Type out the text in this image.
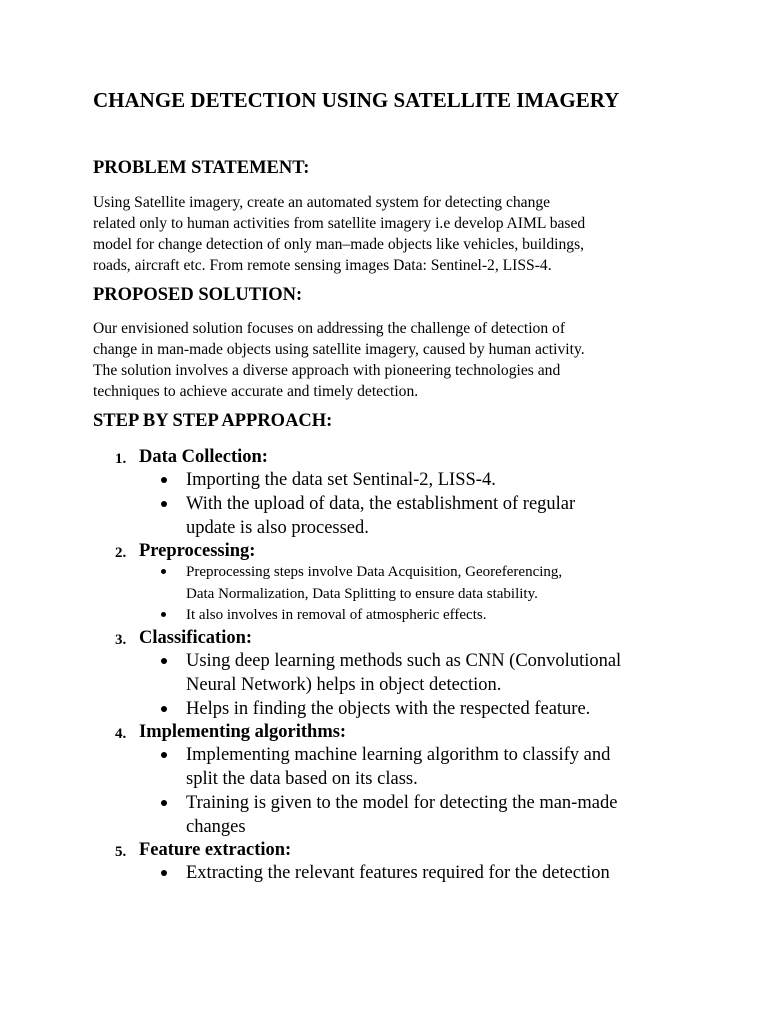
CHANGE DETECTION USING SATELLITE IMAGERY
PROBLEM STATEMENT:

Using Satellite imagery, create an automated system for detecting change
related only to human activities from satellite imagery i.e develop AIML based
model for change detection of only man–made objects like vehicles, buildings,
roads, aircraft etc. From remote sensing images Data: Sentinel-2, LISS-4.

PROPOSED SOLUTION:

Our envisioned solution focuses on addressing the challenge of detection of
change in man-made objects using satellite imagery, caused by human activity.
The solution involves a diverse approach with pioneering technologies and
techniques to achieve accurate and timely detection.

STEP BY STEP APPROACH:
1. Data Collection:
Importing the data set Sentinal-2, LISS-4.
With the upload of data, the establishment of regular
update is also processed.
2. Preprocessing:
Preprocessing steps involve Data Acquisition, Georeferencing,
Data Normalization, Data Splitting to ensure data stability.
It also involves in removal of atmospheric effects.
3. Classification:
Using deep learning methods such as CNN (Convolutional
Neural Network) helps in object detection.
Helps in finding the objects with the respected feature.
4. Implementing algorithms:
Implementing machine learning algorithm to classify and
split the data based on its class.
Training is given to the model for detecting the man-made
changes
5. Feature extraction:
Extracting the relevant features required for the detection
